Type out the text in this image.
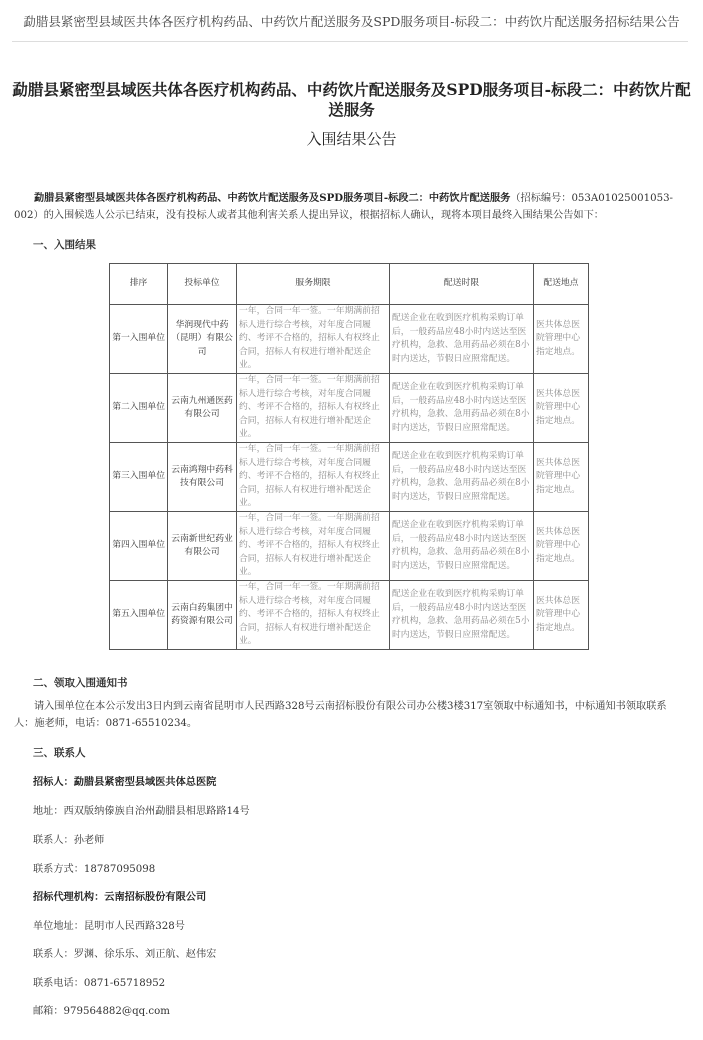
勐腊县紧密型县域医共体各医疗机构药品、中药饮片配送服务及SPD服务项目-标段二：中药饮片配送服务招标结果公告
勐腊县紧密型县域医共体各医疗机构药品、中药饮片配送服务及SPD服务项目-标段二：中药饮片配送服务
入围结果公告
勐腊县紧密型县域医共体各医疗机构药品、中药饮片配送服务及SPD服务项目-标段二：中药饮片配送服务（招标编号：053A01025001053-002）的入围候选人公示已结束，没有投标人或者其他利害关系人提出异议，根据招标人确认，现将本项目最终入围结果公告如下：
一、入围结果
排序	投标单位	服务期限	配送时限	配送地点
第一入围单位	华润现代中药（昆明）有限公司	一年，合同一年一签。一年期满前招标人进行综合考核，对年度合同履约、考评不合格的，招标人有权终止合同，招标人有权进行增补配送企业。	配送企业在收到医疗机构采购订单后，一般药品应48小时内送达至医疗机构，急救、急用药品必须在8小时内送达，节假日应照常配送。	医共体总医院管理中心指定地点。
第二入围单位	云南九州通医药有限公司	一年，合同一年一签。一年期满前招标人进行综合考核，对年度合同履约、考评不合格的，招标人有权终止合同，招标人有权进行增补配送企业。	配送企业在收到医疗机构采购订单后，一般药品应48小时内送达至医疗机构，急救、急用药品必须在8小时内送达，节假日应照常配送。	医共体总医院管理中心指定地点。
第三入围单位	云南鸿翔中药科技有限公司	一年，合同一年一签。一年期满前招标人进行综合考核，对年度合同履约、考评不合格的，招标人有权终止合同，招标人有权进行增补配送企业。	配送企业在收到医疗机构采购订单后，一般药品应48小时内送达至医疗机构，急救、急用药品必须在8小时内送达，节假日应照常配送。	医共体总医院管理中心指定地点。
第四入围单位	云南新世纪药业有限公司	一年，合同一年一签。一年期满前招标人进行综合考核，对年度合同履约、考评不合格的，招标人有权终止合同，招标人有权进行增补配送企业。	配送企业在收到医疗机构采购订单后，一般药品应48小时内送达至医疗机构，急救、急用药品必须在8小时内送达，节假日应照常配送。	医共体总医院管理中心指定地点。
第五入围单位	云南白药集团中药资源有限公司	一年，合同一年一签。一年期满前招标人进行综合考核，对年度合同履约、考评不合格的，招标人有权终止合同，招标人有权进行增补配送企业。	配送企业在收到医疗机构采购订单后，一般药品应48小时内送达至医疗机构，急救、急用药品必须在5小时内送达，节假日应照常配送。	医共体总医院管理中心指定地点。
二、领取入围通知书
请入围单位在本公示发出3日内到云南省昆明市人民西路328号云南招标股份有限公司办公楼3楼317室领取中标通知书，中标通知书领取联系人：施老师，电话：0871-65510234。
三、联系人
招标人：勐腊县紧密型县域医共体总医院
地址：西双版纳傣族自治州勐腊县相思路路14号
联系人：孙老师
联系方式：18787095098
招标代理机构：云南招标股份有限公司
单位地址：昆明市人民西路328号
联系人：罗渊、徐乐乐、刘正航、赵伟宏
联系电话：0871-65718952
邮箱：979564882@qq.com
